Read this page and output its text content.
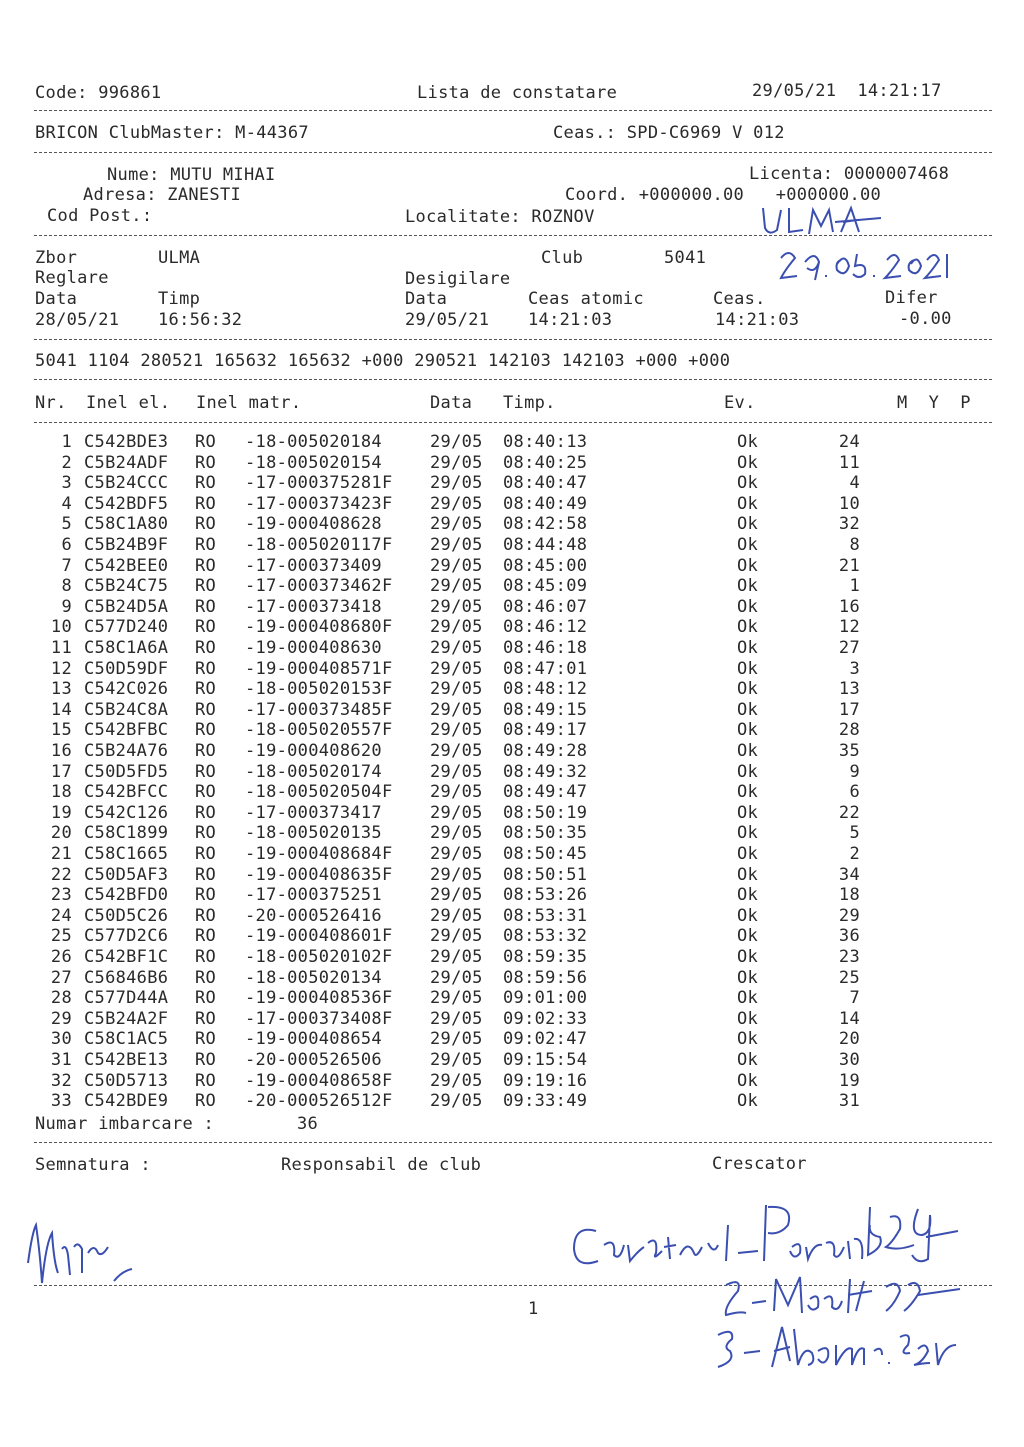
Code: 996861	Lista de constatare	29/05/21  14:21:17
BRICON ClubMaster: M-44367	Ceas.: SPD-C6969 V 012
Nume: MUTU MIHAI	Licenta: 0000007468
Adresa: ZANESTI	Coord. +000000.00   +000000.00
Cod Post.:	Localitate: ROZNOV
Zbor	ULMA	Club	5041
Reglare	Desigilare
Data	Timp	Data	Ceas atomic	Ceas.	Difer
28/05/21 16:56:32	29/05/21 14:21:03	14:21:03	-0.00
5041 1104 280521 165632 165632 +000 290521 142103 142103 +000 +000
Nr. Inel el. Inel matr.	Data Timp.	Ev.	M  Y  P
1 C542BDE3 RO -18-005020184	29/05 08:40:13	Ok	24
2 C5B24ADF RO -18-005020154	29/05 08:40:25	Ok	11
3 C5B24CCC RO -17-000375281F 29/05 08:40:47	Ok	4
4 C542BDF5 RO -17-000373423F 29/05 08:40:49	Ok	10
5 C58C1A80 RO -19-000408628	29/05 08:42:58	Ok	32
6 C5B24B9F RO -18-005020117F 29/05 08:44:48	Ok	8
7 C542BEE0 RO -17-000373409	29/05 08:45:00	Ok	21
8 C5B24C75 RO -17-000373462F 29/05 08:45:09	Ok	1
9 C5B24D5A RO -17-000373418	29/05 08:46:07	Ok	16
10 C577D240 RO -19-000408680F 29/05 08:46:12	Ok	12
11 C58C1A6A RO -19-000408630	29/05 08:46:18	Ok	27
12 C50D59DF RO -19-000408571F 29/05 08:47:01	Ok	3
13 C542C026 RO -18-005020153F 29/05 08:48:12	Ok	13
14 C5B24C8A RO -17-000373485F 29/05 08:49:15	Ok	17
15 C542BFBC RO -18-005020557F 29/05 08:49:17	Ok	28
16 C5B24A76 RO -19-000408620	29/05 08:49:28	Ok	35
17 C50D5FD5 RO -18-005020174	29/05 08:49:32	Ok	9
18 C542BFCC RO -18-005020504F 29/05 08:49:47	Ok	6
19 C542C126 RO -17-000373417	29/05 08:50:19	Ok	22
20 C58C1899 RO -18-005020135	29/05 08:50:35	Ok	5
21 C58C1665 RO -19-000408684F 29/05 08:50:45	Ok	2
22 C50D5AF3 RO -19-000408635F 29/05 08:50:51	Ok	34
23 C542BFD0 RO -17-000375251	29/05 08:53:26	Ok	18
24 C50D5C26 RO -20-000526416	29/05 08:53:31	Ok	29
25 C577D2C6 RO -19-000408601F 29/05 08:53:32	Ok	36
26 C542BF1C RO -18-005020102F 29/05 08:59:35	Ok	23
27 C56846B6 RO -18-005020134	29/05 08:59:56	Ok	25
28 C577D44A RO -19-000408536F 29/05 09:01:00	Ok	7
29 C5B24A2F RO -17-000373408F 29/05 09:02:33	Ok	14
30 C58C1AC5 RO -19-000408654	29/05 09:02:47	Ok	20
31 C542BE13 RO -20-000526506	29/05 09:15:54	Ok	30
32 C50D5713 RO -19-000408658F 29/05 09:19:16	Ok	19
33 C542BDE9 RO -20-000526512F 29/05 09:33:49	Ok	31
Numar imbarcare :	36
Semnatura :	Responsabil de club	Crescator
1
